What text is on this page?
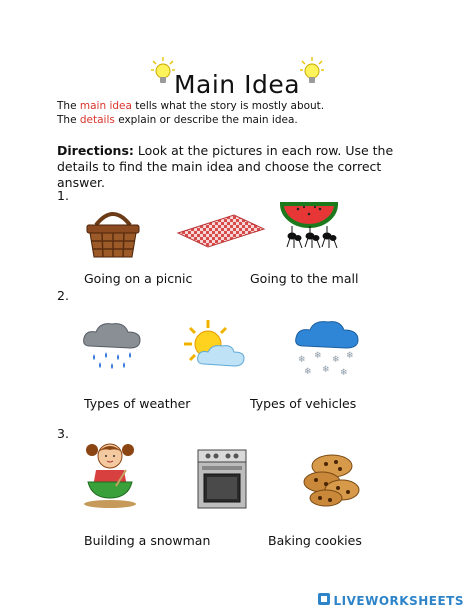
Main Idea
The main idea tells what the story is mostly about.
The details explain or describe the main idea.
Directions: Look at the pictures in each row. Use the details to find the main idea and choose the correct answer.
1.
Going on a picnic	Going to the mall
2.
❄ ❄ ❄ ❄
❄ ❄ ❄
Types of weather	Types of vehicles
3.
Building a snowman	Baking cookies
LIVEWORKSHEETS
